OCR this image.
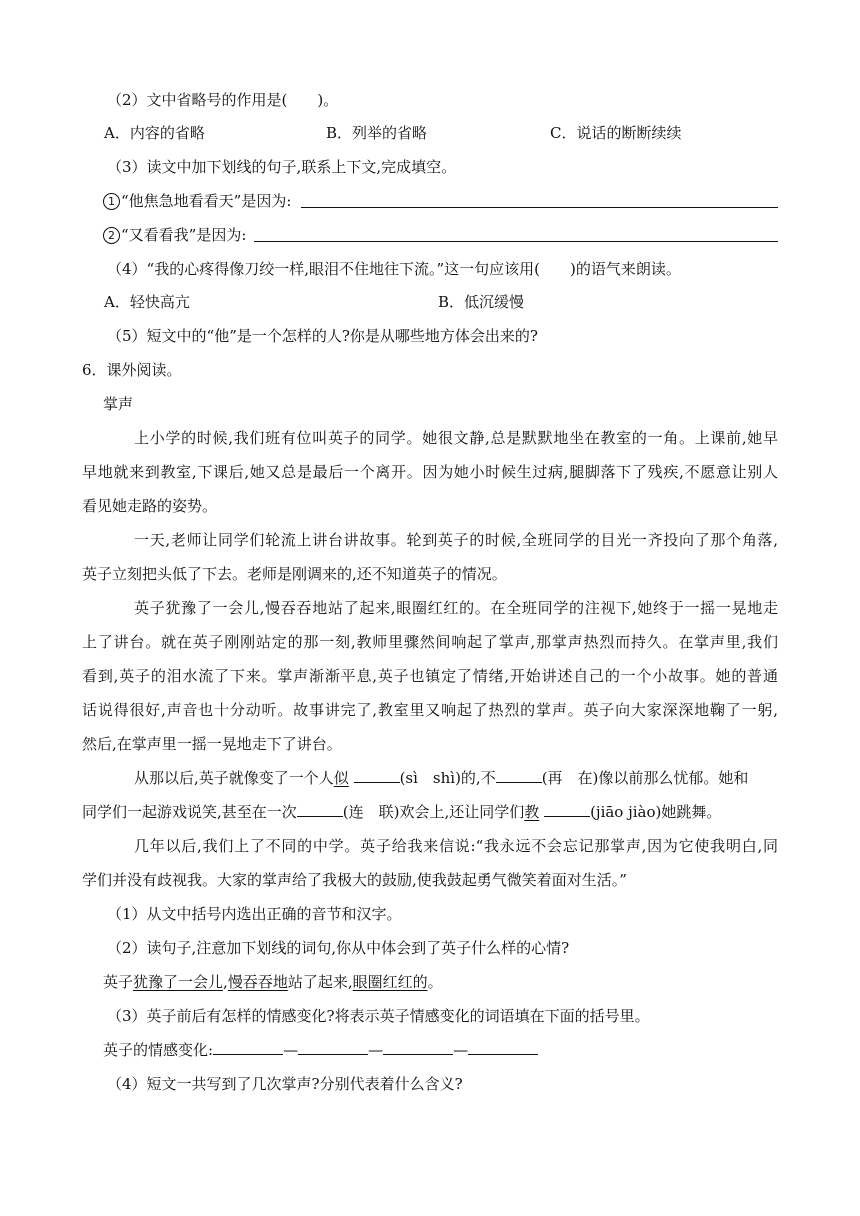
（2）文中省略号的作用是(　　)。
A．内容的省略	B．列举的省略	C．说话的断断续续
（3）读文中加下划线的句子,联系上下文,完成填空。
1 “他焦急地看看天”是因为:
2 “又看看我”是因为:
（4）“我的心疼得像刀绞一样,眼泪不住地往下流。”这一句应该用(　　)的语气来朗读。
A．轻快高亢	B．低沉缓慢
（5）短文中的“他”是一个怎样的人?你是从哪些地方体会出来的?
6．课外阅读。
掌声
上小学的时候,我们班有位叫英子的同学。她很文静,总是默默地坐在教室的一角。上课前,她早
早地就来到教室,下课后,她又总是最后一个离开。因为她小时候生过病,腿脚落下了残疾,不愿意让别人
看见她走路的姿势。
一天,老师让同学们轮流上讲台讲故事。轮到英子的时候,全班同学的目光一齐投向了那个角落,
英子立刻把头低了下去。老师是刚调来的,还不知道英子的情况。
英子犹豫了一会儿,慢吞吞地站了起来,眼圈红红的。在全班同学的注视下,她终于一摇一晃地走
上了讲台。就在英子刚刚站定的那一刻,教师里骤然间响起了掌声,那掌声热烈而持久。在掌声里,我们
看到,英子的泪水流了下来。掌声渐渐平息,英子也镇定了情绪,开始讲述自己的一个小故事。她的普通
话说得很好,声音也十分动听。故事讲完了,教室里又响起了热烈的掌声。英子向大家深深地鞠了一躬,
然后,在掌声里一摇一晃地走下了讲台。
从那以后,英子就像变了一个人似	(sì　shì)的,不	(再　在)像以前那么忧郁。她和
同学们一起游戏说笑,甚至在一次	(连　联)欢会上,还让同学们教	(jiāo jiào)她跳舞。
几年以后,我们上了不同的中学。英子给我来信说:“我永远不会忘记那掌声,因为它使我明白,同
学们并没有歧视我。大家的掌声给了我极大的鼓励,使我鼓起勇气微笑着面对生活。”
（1）从文中括号内选出正确的音节和汉字。
（2）读句子,注意加下划线的词句,你从中体会到了英子什么样的心情?
英子犹豫了一会儿,慢吞吞地站了起来,眼圈红红的。
（3）英子前后有怎样的情感变化?将表示英子情感变化的词语填在下面的括号里。
英子的情感变化:	—	—	—
（4）短文一共写到了几次掌声?分别代表着什么含义?
